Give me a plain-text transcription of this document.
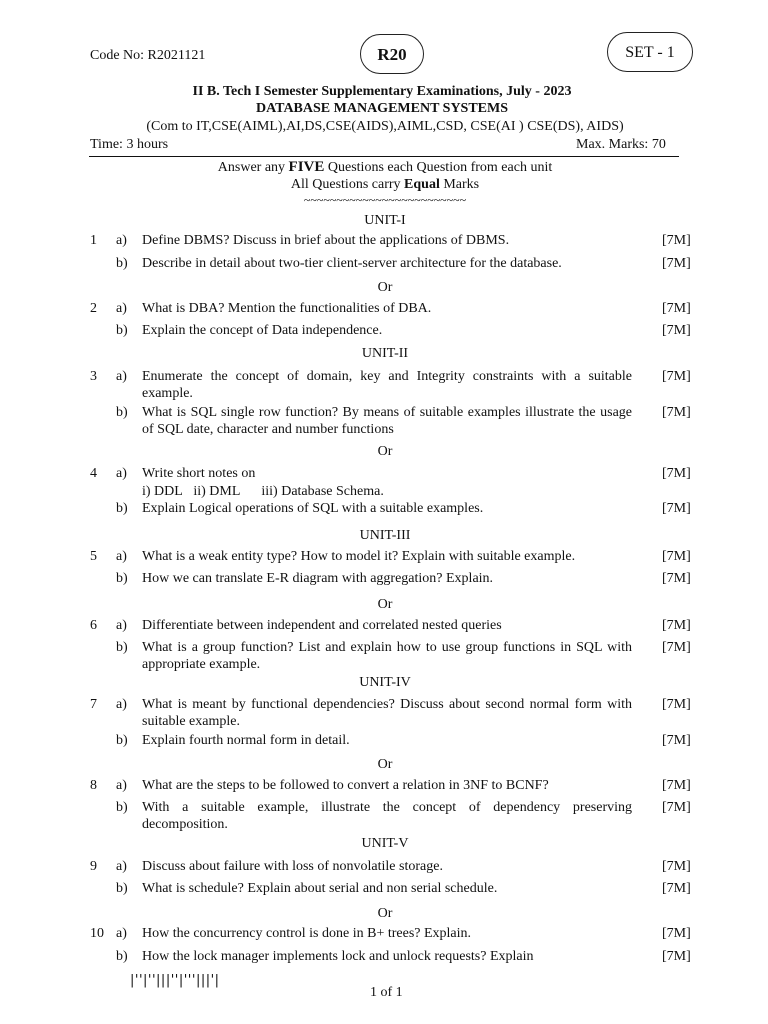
Code No: R2021121	R20	SET - 1
II B. Tech I Semester Supplementary Examinations, July - 2023
DATABASE MANAGEMENT SYSTEMS
(Com to IT,CSE(AIML),AI,DS,CSE(AIDS),AIML,CSD, CSE(AI ) CSE(DS), AIDS)
Time: 3 hours	Max. Marks: 70
Answer any FIVE Questions each Question from each unit
All Questions carry Equal Marks
~~~~~~~~~~~~~~~~~~~~~~~~~
UNIT-I
1 a) Define DBMS? Discuss in brief about the applications of DBMS.	[7M]
b) Describe in detail about two-tier client-server architecture for the database.	[7M]
Or
2 a) What is DBA? Mention the functionalities of DBA.	[7M]
b) Explain the concept of Data independence.	[7M]
UNIT-II
3 a) Enumerate the concept of domain, key and Integrity constraints with a suitable example.
[7M]
b) What is SQL single row function? By means of suitable examples illustrate the usage of SQL date, character and number functions
[7M]
Or
4 a) Write short notes on
i) DDL   ii) DML      iii) Database Schema.
[7M]
b) Explain Logical operations of SQL with a suitable examples.	[7M]
UNIT-III
5 a) What is a weak entity type? How to model it? Explain with suitable example.	[7M]
b) How we can translate E-R diagram with aggregation? Explain.	[7M]
Or
6 a) Differentiate between independent and correlated nested queries	[7M]
b) What is a group function? List and explain how to use group functions in SQL with appropriate example.
[7M]
UNIT-IV
7 a) What is meant by functional dependencies? Discuss about second normal form with suitable example.
[7M]
b) Explain fourth normal form in detail.	[7M]
Or
8 a) What are the steps to be followed to convert a relation in 3NF to BCNF?	[7M]
b) With a suitable example, illustrate the concept of dependency preserving decomposition.
[7M]
UNIT-V
9 a) Discuss about failure with loss of nonvolatile storage.	[7M]
b) What is schedule? Explain about serial and non serial schedule.	[7M]
Or
10 a) How the concurrency control is done in B+ trees? Explain.	[7M]
b) How the lock manager implements lock and unlock requests? Explain	[7M]
|''|''|||''|'''|||'|
1 of 1
